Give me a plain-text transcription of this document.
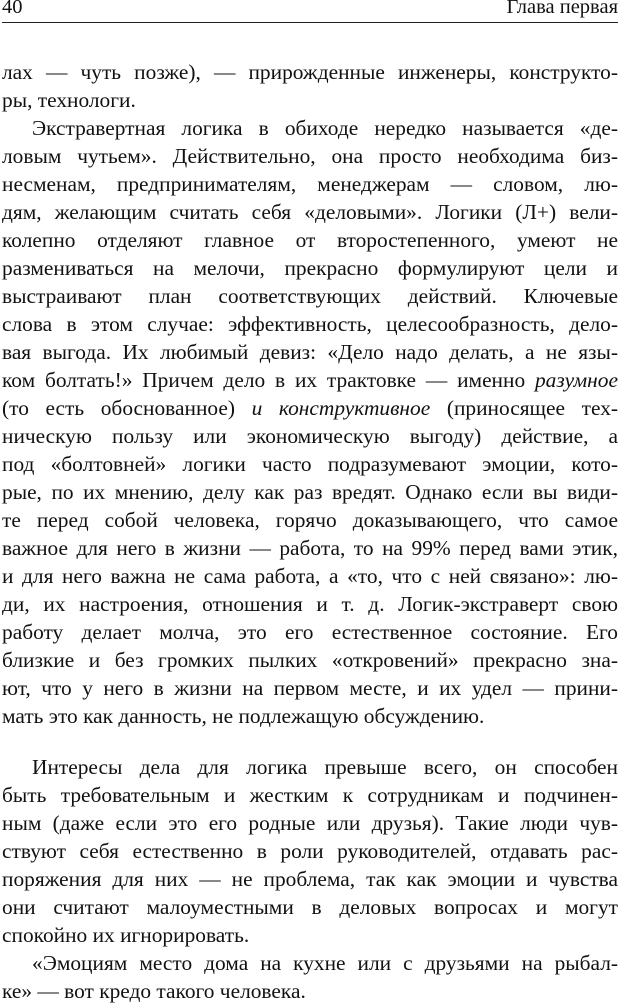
40	Глава первая
лах — чуть позже), — прирожденные инженеры, конструкто-
ры, технологи.
Экстравертная логика в обиходе нередко называется «де-
ловым чутьем». Действительно, она просто необходима биз-
несменам, предпринимателям, менеджерам — словом, лю-
дям, желающим считать себя «деловыми». Логики (Л+) вели-
колепно отделяют главное от второстепенного, умеют не
размениваться на мелочи, прекрасно формулируют цели и
выстраивают план соответствующих действий. Ключевые
слова в этом случае: эффективность, целесообразность, дело-
вая выгода. Их любимый девиз: «Дело надо делать, а не язы-
ком болтать!» Причем дело в их трактовке — именно разумное
(то есть обоснованное) и конструктивное (приносящее тех-
ническую пользу или экономическую выгоду) действие, а
под «болтовней» логики часто подразумевают эмоции, кото-
рые, по их мнению, делу как раз вредят. Однако если вы види-
те перед собой человека, горячо доказывающего, что самое
важное для него в жизни — работа, то на 99% перед вами этик,
и для него важна не сама работа, а «то, что с ней связано»: лю-
ди, их настроения, отношения и т. д. Логик-экстраверт свою
работу делает молча, это его естественное состояние. Его
близкие и без громких пылких «откровений» прекрасно зна-
ют, что у него в жизни на первом месте, и их удел — прини-
мать это как данность, не подлежащую обсуждению.
Интересы дела для логика превыше всего, он способен
быть требовательным и жестким к сотрудникам и подчинен-
ным (даже если это его родные или друзья). Такие люди чув-
ствуют себя естественно в роли руководителей, отдавать рас-
поряжения для них — не проблема, так как эмоции и чувства
они считают малоуместными в деловых вопросах и могут
спокойно их игнорировать.
«Эмоциям место дома на кухне или с друзьями на рыбал-
ке» — вот кредо такого человека.
